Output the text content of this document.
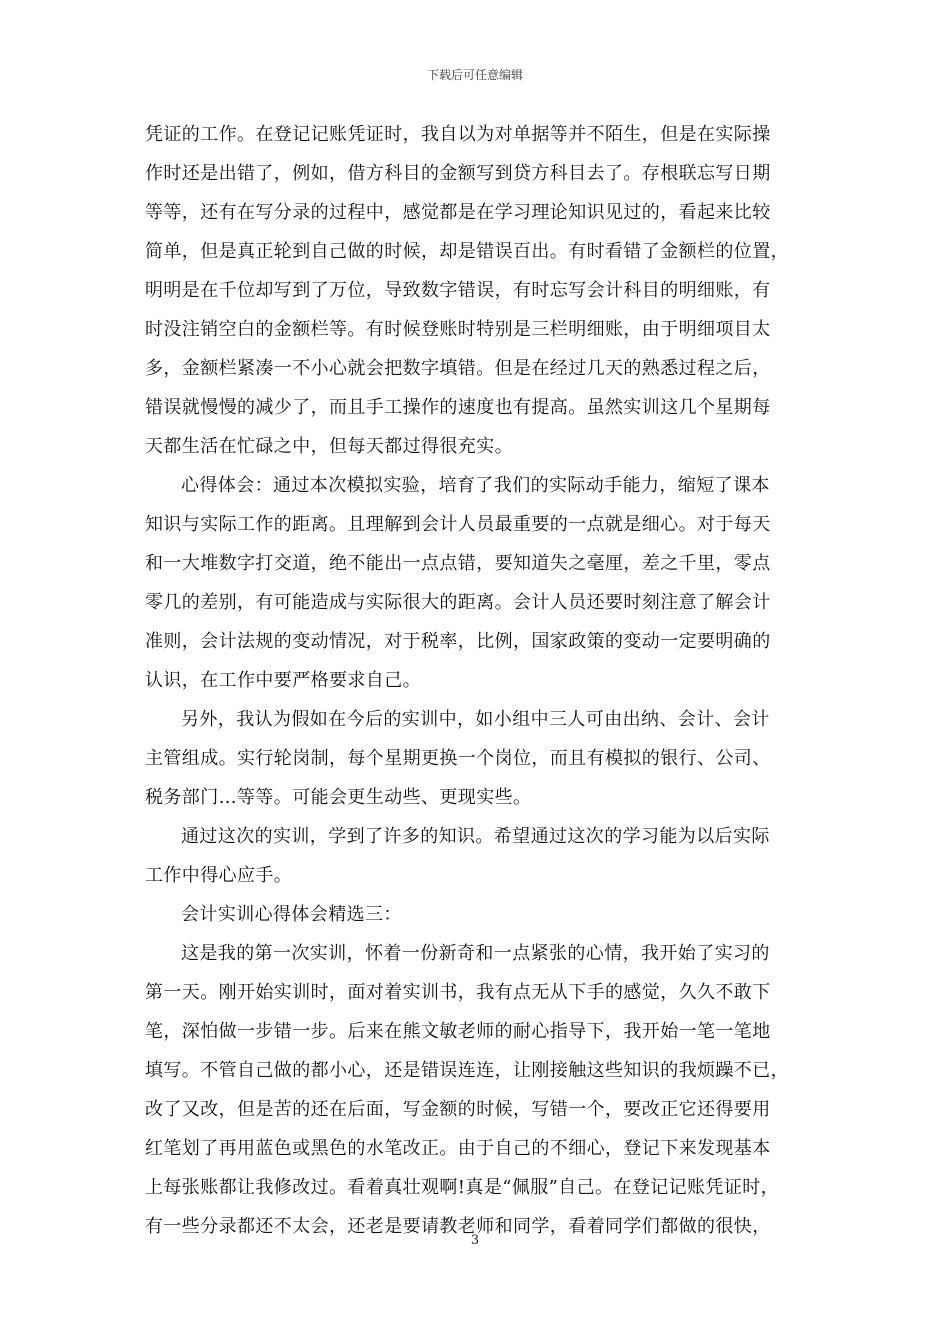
下载后可任意编辑
凭证的工作。在登记记账凭证时，我自以为对单据等并不陌生，但是在实际操
作时还是出错了，例如，借方科目的金额写到贷方科目去了。存根联忘写日期
等等，还有在写分录的过程中，感觉都是在学习理论知识见过的，看起来比较
简单，但是真正轮到自己做的时候，却是错误百出。有时看错了金额栏的位置，
明明是在千位却写到了万位，导致数字错误，有时忘写会计科目的明细账，有
时没注销空白的金额栏等。有时候登账时特别是三栏明细账，由于明细项目太
多，金额栏紧凑一不小心就会把数字填错。但是在经过几天的熟悉过程之后，
错误就慢慢的减少了，而且手工操作的速度也有提高。虽然实训这几个星期每
天都生活在忙碌之中，但每天都过得很充实。
心得体会：通过本次模拟实验，培育了我们的实际动手能力，缩短了课本
知识与实际工作的距离。且理解到会计人员最重要的一点就是细心。对于每天
和一大堆数字打交道，绝不能出一点点错，要知道失之毫厘，差之千里，零点
零几的差别，有可能造成与实际很大的距离。会计人员还要时刻注意了解会计
准则，会计法规的变动情况，对于税率，比例，国家政策的变动一定要明确的
认识，在工作中要严格要求自己。
另外，我认为假如在今后的实训中，如小组中三人可由出纳、会计、会计
主管组成。实行轮岗制，每个星期更换一个岗位，而且有模拟的银行、公司、
税务部门…等等。可能会更生动些、更现实些。
通过这次的实训，学到了许多的知识。希望通过这次的学习能为以后实际
工作中得心应手。
会计实训心得体会精选三：
这是我的第一次实训，怀着一份新奇和一点紧张的心情，我开始了实习的
第一天。刚开始实训时，面对着实训书，我有点无从下手的感觉，久久不敢下
笔，深怕做一步错一步。后来在熊文敏老师的耐心指导下，我开始一笔一笔地
填写。不管自己做的都小心，还是错误连连，让刚接触这些知识的我烦躁不已，
改了又改，但是苦的还在后面，写金额的时候，写错一个，要改正它还得要用
红笔划了再用蓝色或黑色的水笔改正。由于自己的不细心，登记下来发现基本
上每张账都让我修改过。看着真壮观啊!真是“佩服”自己。在登记记账凭证时，
有一些分录都还不太会，还老是要请教老师和同学，看着同学们都做的很快，
3
